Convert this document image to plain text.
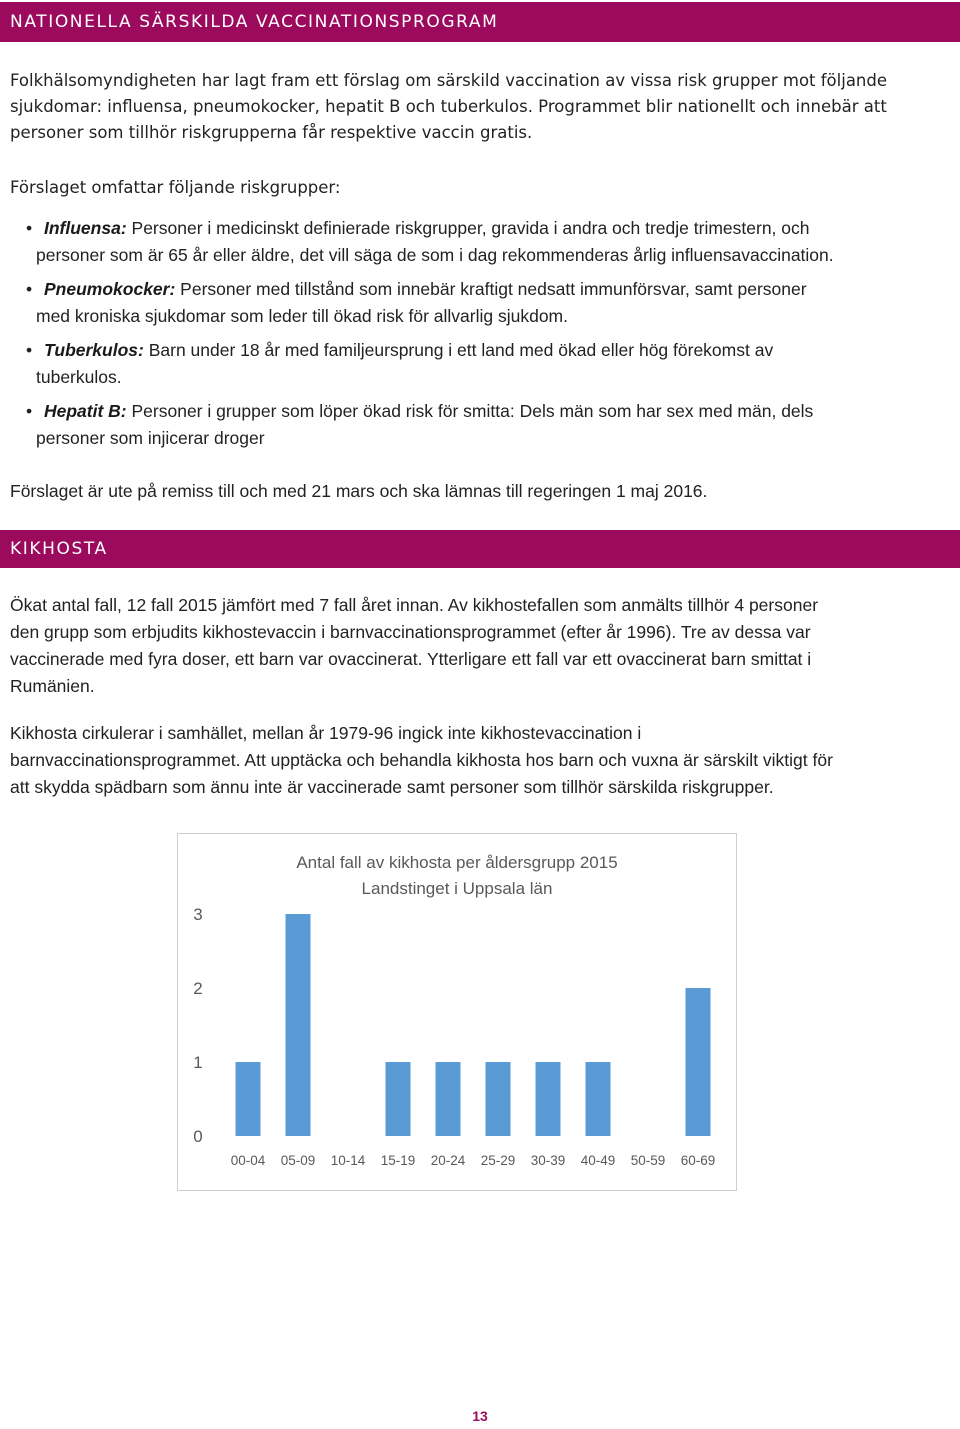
NATIONELLA SÄRSKILDA VACCINATIONSPROGRAM
Folkhälsomyndigheten har lagt fram ett förslag om särskild vaccination av vissa risk grupper mot följande
sjukdomar: influensa, pneumokocker, hepatit B och tuberkulos. Programmet blir nationellt och innebär att
personer som tillhör riskgrupperna får respektive vaccin gratis.
Förslaget omfattar följande riskgrupper:
• Influensa: Personer i medicinskt definierade riskgrupper, gravida i andra och tredje trimestern, och
personer som är 65 år eller äldre, det vill säga de som i dag rekommenderas årlig influensavaccination.
• Pneumokocker: Personer med tillstånd som innebär kraftigt nedsatt immunförsvar, samt personer
med kroniska sjukdomar som leder till ökad risk för allvarlig sjukdom.
• Tuberkulos: Barn under 18 år med familjeursprung i ett land med ökad eller hög förekomst av
tuberkulos.
• Hepatit B: Personer i grupper som löper ökad risk för smitta: Dels män som har sex med män, dels
personer som injicerar droger
Förslaget är ute på remiss till och med 21 mars och ska lämnas till regeringen 1 maj 2016.
KIKHOSTA
Ökat antal fall, 12 fall 2015 jämfört med 7 fall året innan. Av kikhostefallen som anmälts tillhör 4 personer
den grupp som erbjudits kikhostevaccin i barnvaccinationsprogrammet (efter år 1996). Tre av dessa var
vaccinerade med fyra doser, ett barn var ovaccinerat. Ytterligare ett fall var ett ovaccinerat barn smittat i
Rumänien.
Kikhosta cirkulerar i samhället, mellan år 1979-96 ingick inte kikhostevaccination i
barnvaccinationsprogrammet. Att upptäcka och behandla kikhosta hos barn och vuxna är särskilt viktigt för
att skydda spädbarn som ännu inte är vaccinerade samt personer som tillhör särskilda riskgrupper.
Antal fall av kikhosta per åldersgrupp 2015
Landstinget i Uppsala län
0
1
2
3
00-04 05-09 10-14 15-19 20-24 25-29 30-39 40-49 50-59 60-69
13
